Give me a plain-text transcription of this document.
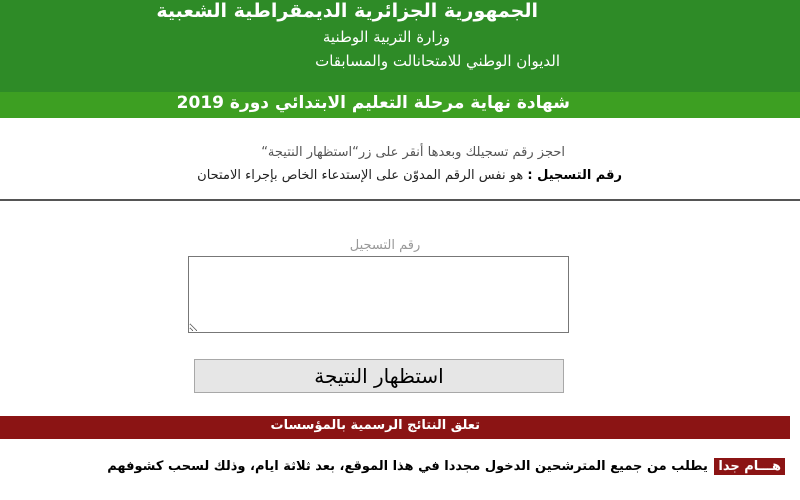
الجمهورية الجزائرية الديمقراطية الشعبية
وزارة التربية الوطنية
الديوان الوطني للامتحانالت والمسابقات
شهادة نهاية مرحلة التعليم الابتدائي دورة 2019
احجز رقم تسجيلك وبعدها أنقر على زر“استظهار النتيجة“
رقم التسجيل : هو نفس الرقم المدوّن على الإستدعاء الخاص بإجراء الامتحان
رقم التسجيل
استظهار النتيجة
تعلق النتائج الرسمية بالمؤسسات
هـــام جدا يطلب من جميع المترشحين الدخول مجددا في هذا الموقع، بعد ثلاثة ايام، وذلك لسحب كشوفهم
